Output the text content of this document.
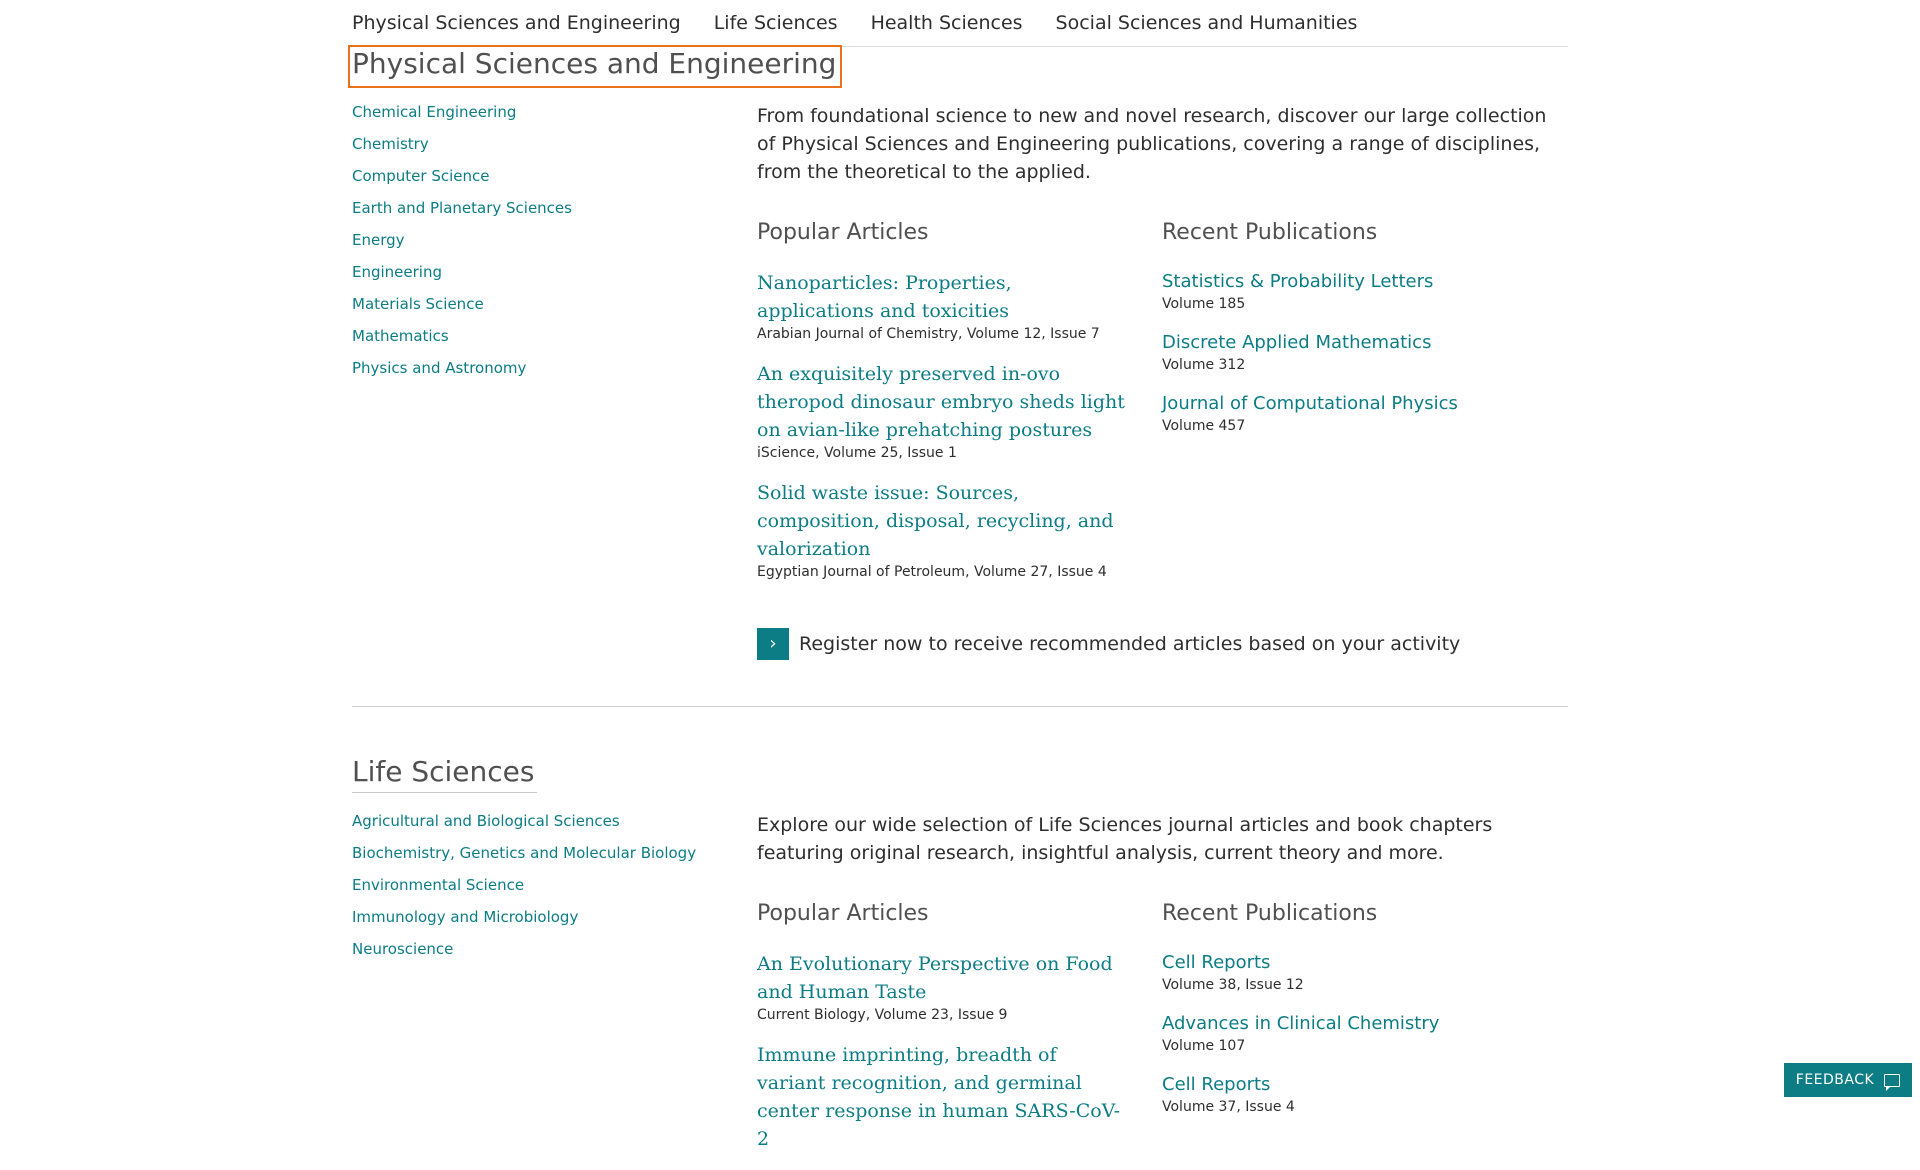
Physical Sciences and Engineering Life Sciences Health Sciences Social Sciences and Humanities
Physical Sciences and Engineering
Chemical Engineering
Chemistry
Computer Science
Earth and Planetary Sciences
Energy
Engineering
Materials Science
Mathematics
Physics and Astronomy

From foundational science to new and novel research, discover our large collection of Physical Sciences and Engineering publications, covering a range of disciplines, from the theoretical to the applied.

Popular Articles
Nanoparticles: Properties, applications and toxicities
Arabian Journal of Chemistry, Volume 12, Issue 7
An exquisitely preserved in-ovo theropod dinosaur embryo sheds light on avian-like prehatching postures
iScience, Volume 25, Issue 1
Solid waste issue: Sources, composition, disposal, recycling, and valorization
Egyptian Journal of Petroleum, Volume 27, Issue 4
Recent Publications
Statistics & Probability Letters
Volume 185
Discrete Applied Mathematics
Volume 312
Journal of Computational Physics
Volume 457
›	Register now to receive recommended articles based on your activity
Life Sciences
Agricultural and Biological Sciences
Biochemistry, Genetics and Molecular Biology
Environmental Science
Immunology and Microbiology
Neuroscience

Explore our wide selection of Life Sciences journal articles and book chapters featuring original research, insightful analysis, current theory and more.

Popular Articles
An Evolutionary Perspective on Food and Human Taste
Current Biology, Volume 23, Issue 9
Immune imprinting, breadth of variant recognition, and germinal center response in human SARS-CoV-2
Recent Publications
Cell Reports
Volume 38, Issue 12
Advances in Clinical Chemistry
Volume 107
Cell Reports
Volume 37, Issue 4
FEEDBACK
